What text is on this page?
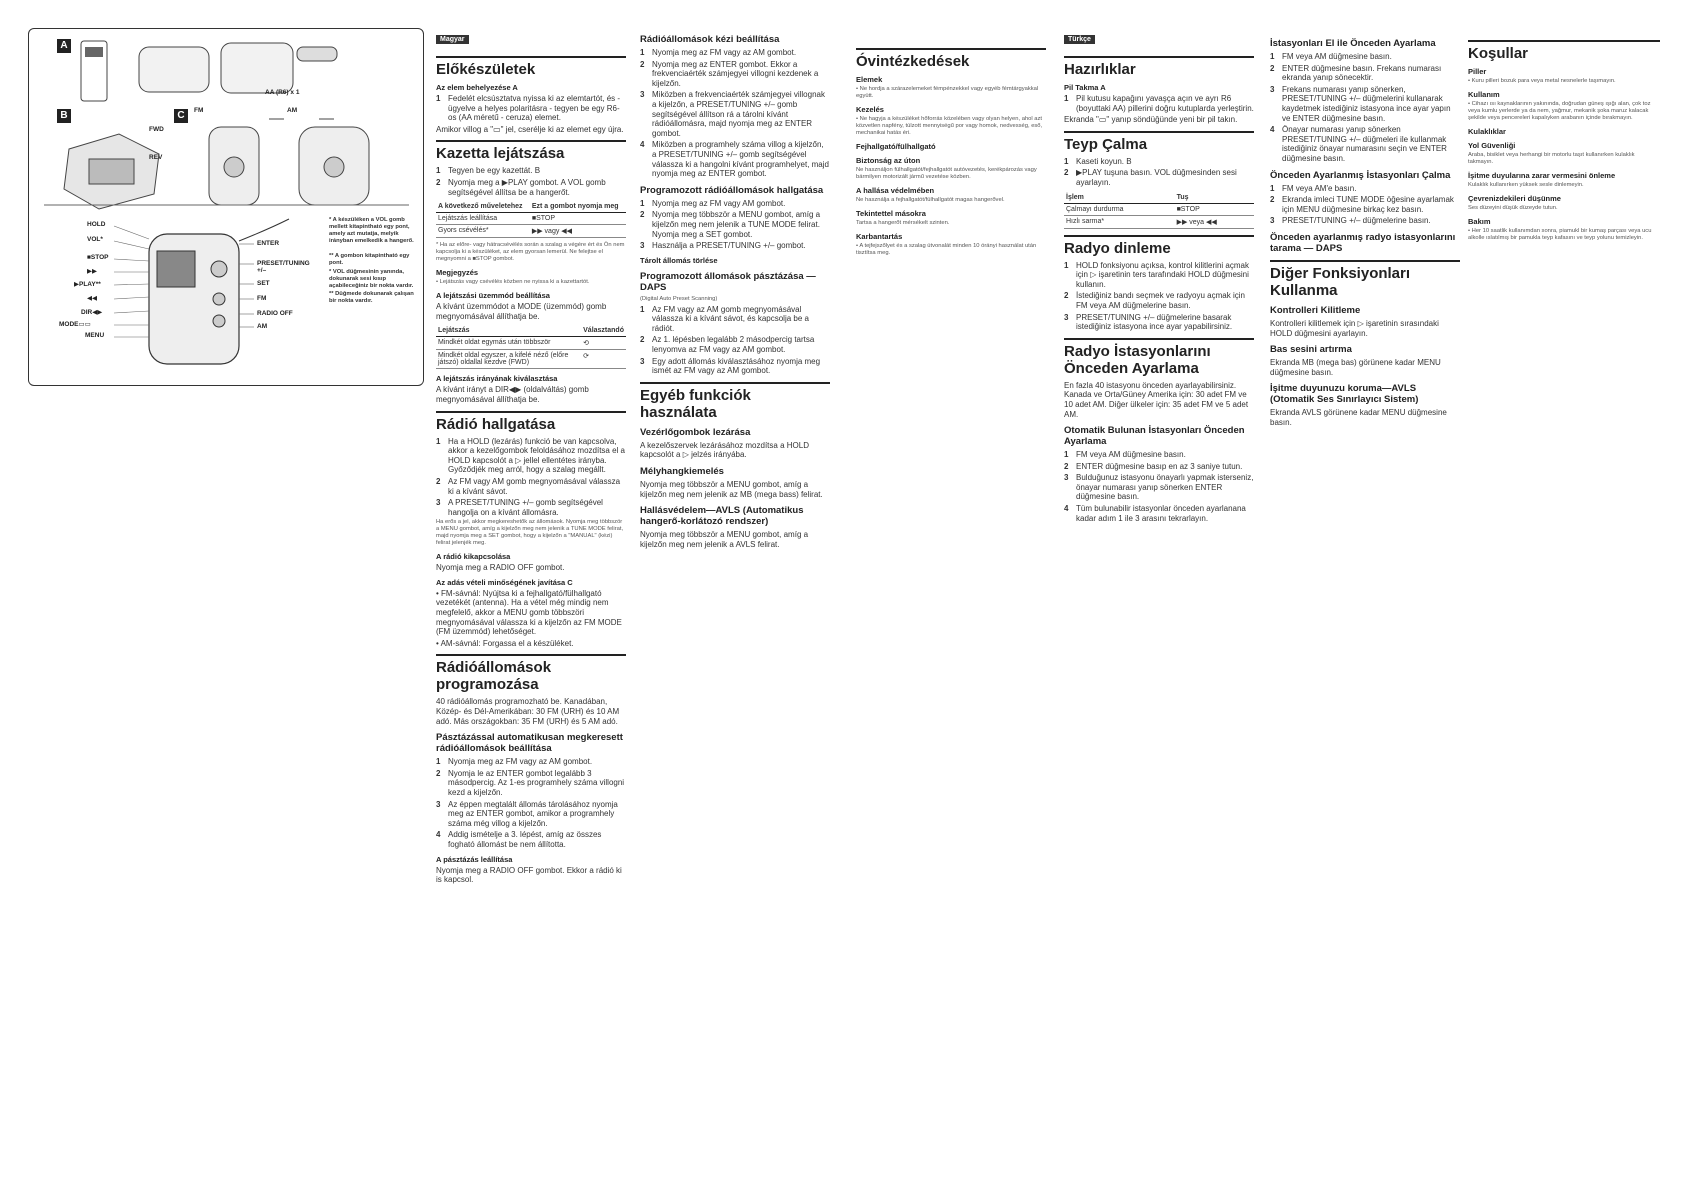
A
B	C
AA (R6) x 1
FWD
REV
FM	AM
HOLD
VOL*
■STOP
▶▶
▶PLAY**
◀◀
DIR◀▶
MODE▭▭
MENU
ENTER
PRESET/TUNING +/–
SET
FM
RADIO OFF
AM
* A készüléken a VOL gomb mellett kitapintható egy pont, amely azt mutatja, melyik irányban emelkedik a hangerő.
** A gombon kitapintható egy pont.
* VOL düğmesinin yanında, dokunarak sesi kısıp açabileceğiniz bir nokta vardır.
** Düğmede dokunarak çalışan bir nokta vardır.
Magyar
Előkészületek
Az elem behelyezése A
1 Fedelét elcsúsztatva nyissa ki az elemtartót, és - ügyelve a helyes polaritásra - tegyen be egy R6-os (AA méretű - ceruza) elemet.
Amikor villog a "▭" jel, cserélje ki az elemet egy újra.
Kazetta lejátszása
1 Tegyen be egy kazettát. B
2 Nyomja meg a ▶PLAY gombot. A VOL gomb segítségével állítsa be a hangerőt.
A következő műveletehez	Ezt a gombot nyomja meg
Lejátszás leállítása	■STOP
Gyors csévélés*	▶▶ vagy ◀◀
* Ha az előre- vagy hátracsévélés során a szalag a végére ért és Ön nem kapcsolja ki a készüléket, az elem gyorsan lemerül. Ne felejtse el megnyomni a ■STOP gombot.
Megjegyzés
• Lejátszás vagy csévélés közben ne nyissa ki a kazettartót.
A lejátszási üzemmód beállítása
A kívánt üzemmódot a MODE (üzemmód) gomb megnyomásával állíthatja be.
Lejátszás	Választandó
Mindkét oldat egymás után többször	⟲
Mindkét oldal egyszer, a kifelé néző (előre játszó) oldallal kezdve (FWD)	⟳
A lejátszás irányának kiválasztása
A kívánt irányt a DIR◀▶ (oldalváltás) gomb megnyomásával állíthatja be.
Rádió hallgatása
1 Ha a HOLD (lezárás) funkció be van kapcsolva, akkor a kezelőgombok feloldásához mozdítsa el a HOLD kapcsolót a ▷ jellel ellentétes irányba. Győződjék meg arról, hogy a szalag megállt.
2 Az FM vagy AM gomb megnyomásával válassza ki a kívánt sávot.
3 A PRESET/TUNING +/– gomb segítségével hangolja on a kívánt állomásra.
Ha erős a jel, akkor megkereshetők az állomások. Nyomja meg többször a MENU gombot, amíg a kijelzőn meg nem jelenik a TUNE MODE felirat, majd nyomja meg a SET gombot, hogy a kijelzőn a "MANUAL" (kézi) felirat jelenjék meg.
A rádió kikapcsolása
Nyomja meg a RADIO OFF gombot.
Az adás vételi minőségének javítása C
• FM-sávnál: Nyújtsa ki a fejhallgató/fülhallgató vezetékét (antenna). Ha a vétel még mindig nem megfelelő, akkor a MENU gomb többszöri megnyomásával válassza ki a kijelzőn az FM MODE (FM üzemmód) lehetőséget.
• AM-sávnál: Forgassa el a készüléket.
Rádióállomások programozása
40 rádióállomás programozható be. Kanadában, Közép- és Dél-Amerikában: 30 FM (URH) és 10 AM adó. Más országokban: 35 FM (URH) és 5 AM adó.
Pásztázással automatikusan megkeresett rádióállomások beállítása
1 Nyomja meg az FM vagy az AM gombot.
2 Nyomja le az ENTER gombot legalább 3 másodpercig. Az 1-es programhely száma villogni kezd a kijelzőn.
3 Az éppen megtalált állomás tárolásához nyomja meg az ENTER gombot, amikor a programhely száma még villog a kijelzőn.
4 Addig ismételje a 3. lépést, amíg az összes fogható állomást be nem állította.
A pásztázás leállítása
Nyomja meg a RADIO OFF gombot. Ekkor a rádió ki is kapcsol.
Rádióállomások kézi beállítása
1 Nyomja meg az FM vagy az AM gombot.
2 Nyomja meg az ENTER gombot. Ekkor a frekvenciaérték számjegyei villogni kezdenek a kijelzőn.
3 Miközben a frekvenciaérték számjegyei villognak a kijelzőn, a PRESET/TUNING +/– gomb segítségével állítson rá a tárolni kívánt rádióállomásra, majd nyomja meg az ENTER gombot.
4 Miközben a programhely száma villog a kijelzőn, a PRESET/TUNING +/– gomb segítségével válassza ki a hangolni kívánt programhelyet, majd nyomja meg az ENTER gombot.
Programozott rádióállomások hallgatása
1 Nyomja meg az FM vagy AM gombot.
2 Nyomja meg többször a MENU gombot, amíg a kijelzőn meg nem jelenik a TUNE MODE felirat. Nyomja meg a SET gombot.
3 Használja a PRESET/TUNING +/– gombot.
Tárolt állomás törlése
Programozott állomások pásztázása — DAPS
(Digital Auto Preset Scanning)
1 Az FM vagy az AM gomb megnyomásával válassza ki a kívánt sávot, és kapcsolja be a rádiót.
2 Az 1. lépésben legalább 2 másodpercig tartsa lenyomva az FM vagy az AM gombot.
3 Egy adott állomás kiválasztásához nyomja meg ismét az FM vagy az AM gombot.
Egyéb funkciók használata
Vezérlőgombok lezárása
A kezelőszervek lezárásához mozdítsa a HOLD kapcsolót a ▷ jelzés irányába.
Mélyhangkiemelés
Nyomja meg többször a MENU gombot, amíg a kijelzőn meg nem jelenik az MB (mega bass) felirat.
Hallásvédelem—AVLS (Automatikus hangerő-korlátozó rendszer)
Nyomja meg többször a MENU gombot, amíg a kijelzőn meg nem jelenik a AVLS felirat.
Óvintézkedések
Elemek
• Ne hordja a szárazelemeket fémpénzekkel vagy egyéb fémtárgyakkal együtt.
Kezelés
• Ne hagyja a készüléket hőforrás közelében vagy olyan helyen, ahol azt közvetlen napfény, túlzott mennyiségű por vagy homok, nedvesség, eső, mechanikai hatás éri.
Fejhallgató/fülhallgató
Biztonság az úton
Ne használjon fülhallgatót/fejhallgatót autóvezetés, kerékpározás vagy bármilyen motorizált jármű vezetése közben.
A hallása védelmében
Ne használja a fejhallgatót/fülhallgatót magas hangerővel.
Tekintettel másokra
Tartsa a hangerőt mérsékelt szinten.
Karbantartás
• A tejfejszőlyet és a szalag útvonalát minden 10 órányi használat után tisztítsa meg.
Türkçe
Hazırlıklar
Pil Takma A
1 Pil kutusu kapağını yavaşça açın ve ayrı R6 (boyuttaki AA) pillerini doğru kutuplarda yerleştirin.
Ekranda "▭" yanıp söndüğünde yeni bir pil takın.
Teyp Çalma
1 Kaseti koyun. B
2 ▶PLAY tuşuna basın. VOL düğmesinden sesi ayarlayın.
İşlem	Tuş
Çalmayı durdurma	■STOP
Hızlı sarma*	▶▶ veya ◀◀
Radyo dinleme
1 HOLD fonksiyonu açıksa, kontrol kilitlerini açmak için ▷ işaretinin ters tarafındaki HOLD düğmesini kullanın.
2 İstediğiniz bandı seçmek ve radyoyu açmak için FM veya AM düğmelerine basın.
3 PRESET/TUNING +/– düğmelerine basarak istediğiniz istasyona ince ayar yapabilirsiniz.
Radyo İstasyonlarını Önceden Ayarlama
En fazla 40 istasyonu önceden ayarlayabilirsiniz. Kanada ve Orta/Güney Amerika için: 30 adet FM ve 10 adet AM. Diğer ülkeler için: 35 adet FM ve 5 adet AM.
Otomatik Bulunan İstasyonları Önceden Ayarlama
1 FM veya AM düğmesine basın.
2 ENTER düğmesine basıp en az 3 saniye tutun.
3 Bulduğunuz istasyonu önayarlı yapmak isterseniz, önayar numarası yanıp sönerken ENTER düğmesine basın.
4 Tüm bulunabilir istasyonlar önceden ayarlanana kadar adım 1 ile 3 arasını tekrarlayın.
İstasyonları El ile Önceden Ayarlama
1 FM veya AM düğmesine basın.
2 ENTER düğmesine basın. Frekans numarası ekranda yanıp sönecektir.
3 Frekans numarası yanıp sönerken, PRESET/TUNING +/– düğmelerini kullanarak kaydetmek istediğiniz istasyona ince ayar yapın ve ENTER düğmesine basın.
4 Önayar numarası yanıp sönerken PRESET/TUNING +/– düğmeleri ile kullanmak istediğiniz önayar numarasını seçin ve ENTER düğmesine basın.
Önceden Ayarlanmış İstasyonları Çalma
1 FM veya AM'e basın.
2 Ekranda imleci TUNE MODE öğesine ayarlamak için MENU düğmesine birkaç kez basın.
3 PRESET/TUNING +/– düğmelerine basın.
Önceden ayarlanmış radyo istasyonlarını tarama — DAPS
Diğer Fonksiyonları Kullanma
Kontrolleri Kilitleme
Kontrolleri kilitlemek için ▷ işaretinin sırasındaki HOLD düğmesini ayarlayın.
Bas sesini artırma
Ekranda MB (mega bas) görünene kadar MENU düğmesine basın.
İşitme duyunuzu koruma—AVLS (Otomatik Ses Sınırlayıcı Sistem)
Ekranda AVLS görünene kadar MENU düğmesine basın.
Koşullar
Piller
• Kuru pilleri bozuk para veya metal nesnelerle taşımayın.
Kullanım
• Cihazı ısı kaynaklarının yakınında, doğrudan güneş ışığı alan, çok toz veya kumlu yerlerde ya da nem, yağmur, mekanik şoka maruz kalacak şekilde veya pencereleri kapalıyken arabanın içinde bırakmayın.
Kulaklıklar
Yol Güvenliği
Araba, bisiklet veya herhangi bir motorlu taşıt kullanırken kulaklık takmayın.
İşitme duyularına zarar vermesini önleme
Kulaklık kullanırken yüksek sesle dinlemeyin.
Çevrenizdekileri düşünme
Ses düzeyini düşük düzeyde tutun.
Bakım
• Her 10 saatlik kullanımdan sonra, piamukl bir kumaş parçası veya ucu alkolle ıslatılmış bir pamukla teyp kafasını ve teyp yolunu temizleyin.
